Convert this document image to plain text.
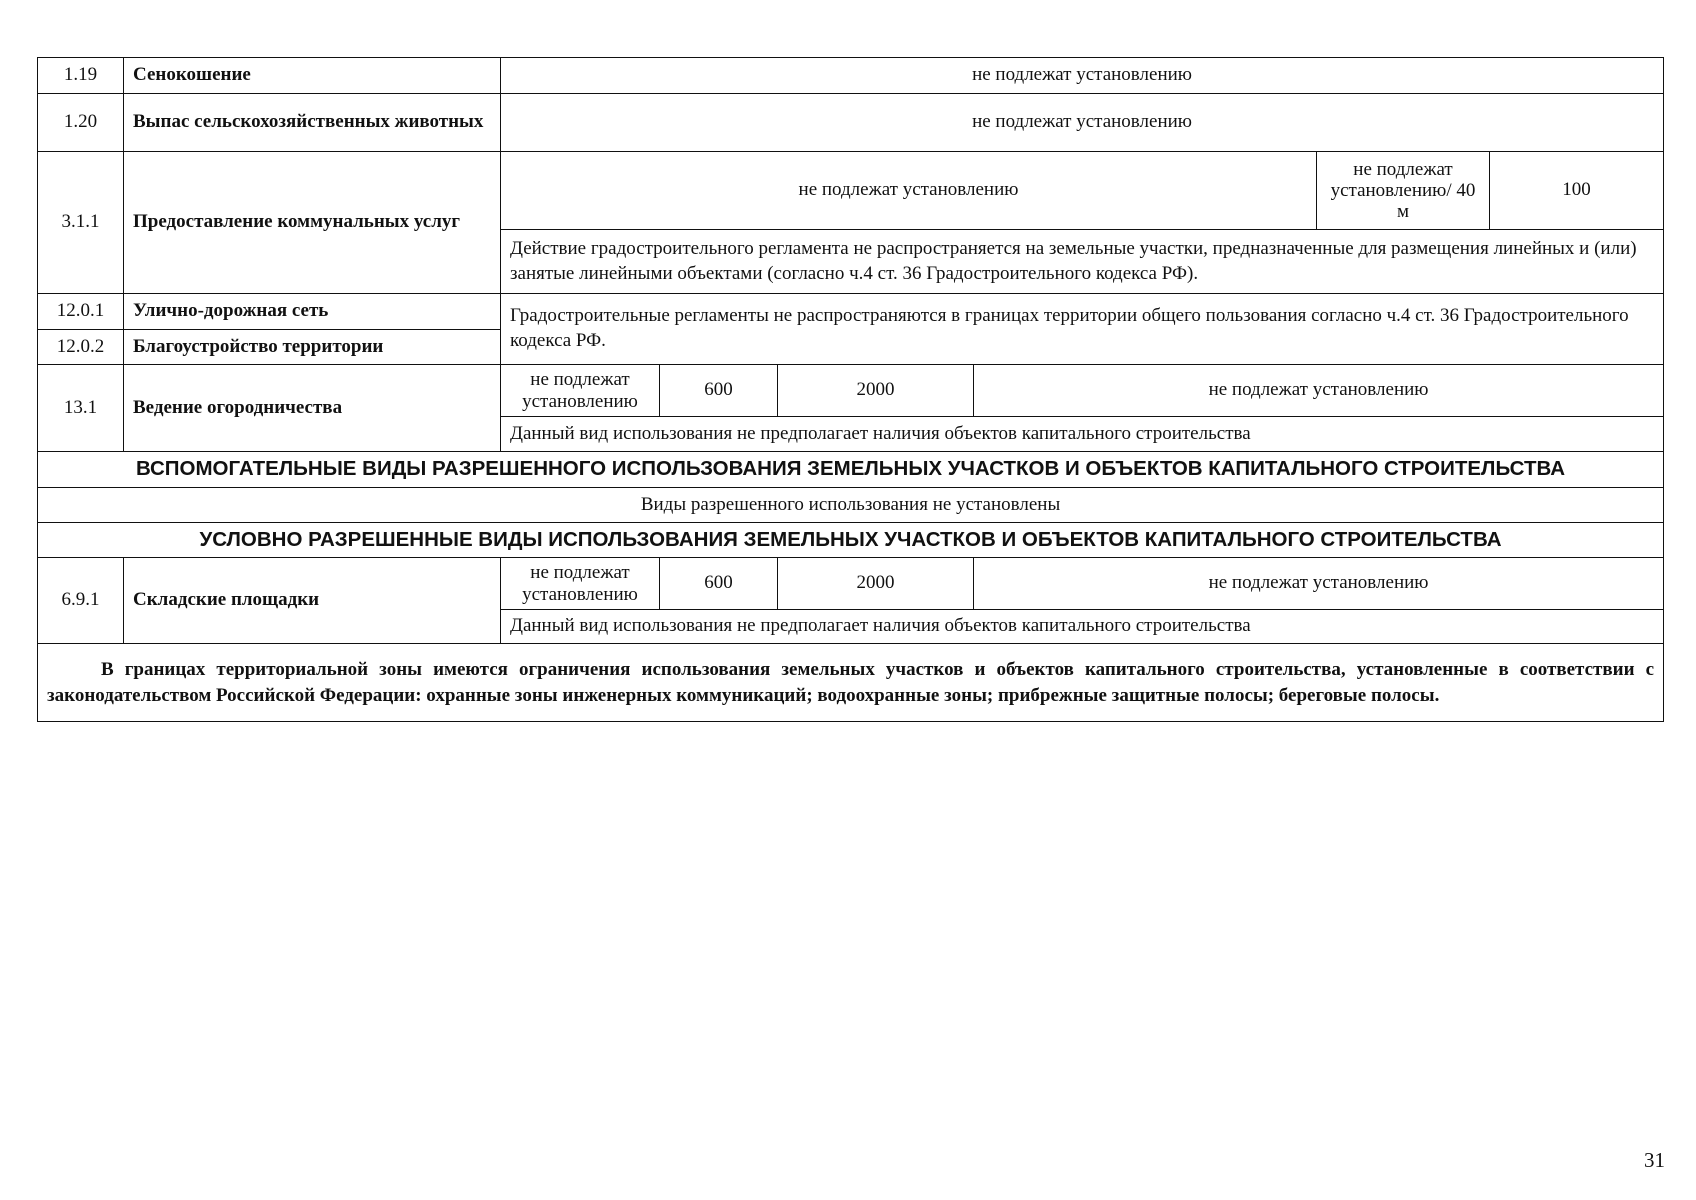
1.19	Сенокошение	не подлежат установлению					
1.20	Выпас сельскохозяйственных животных	не подлежат установлению					
3.1.1	Предоставление коммунальных услуг	не подлежат установлению				не подлежат установлению/ 40 м	100
		Действие градостроительного регламента не распространяется на земельные участки, предназначенные для размещения линейных и (или) занятые линейными объектами (согласно ч.4 ст. 36 Градостроительного кодекса РФ).					
12.0.1	Улично-дорожная сеть	Градостроительные регламенты не распространяются в границах территории общего пользования согласно ч.4 ст. 36 Градостроительного кодекса РФ.					
12.0.2	Благоустройство территории						
13.1	Ведение огородничества	не подлежат установлению	600	2000	не подлежат установлению		
		Данный вид использования не предполагает наличия объектов капитального строительства					
ВСПОМОГАТЕЛЬНЫЕ ВИДЫ РАЗРЕШЕННОГО ИСПОЛЬЗОВАНИЯ ЗЕМЕЛЬНЫХ УЧАСТКОВ И ОБЪЕКТОВ КАПИТАЛЬНОГО СТРОИТЕЛЬСТВА							
Виды разрешенного использования не установлены							
УСЛОВНО РАЗРЕШЕННЫЕ ВИДЫ ИСПОЛЬЗОВАНИЯ ЗЕМЕЛЬНЫХ УЧАСТКОВ И ОБЪЕКТОВ КАПИТАЛЬНОГО СТРОИТЕЛЬСТВА							
6.9.1	Складские площадки	не подлежат установлению	600	2000	не подлежат установлению		
		Данный вид использования не предполагает наличия объектов капитального строительства					
В границах территориальной зоны имеются ограничения использования земельных участков и объектов капитального строительства, установленные в соответствии с законодательством Российской Федерации: охранные зоны инженерных коммуникаций; водоохранные зоны; прибрежные защитные полосы; береговые полосы.							
31
